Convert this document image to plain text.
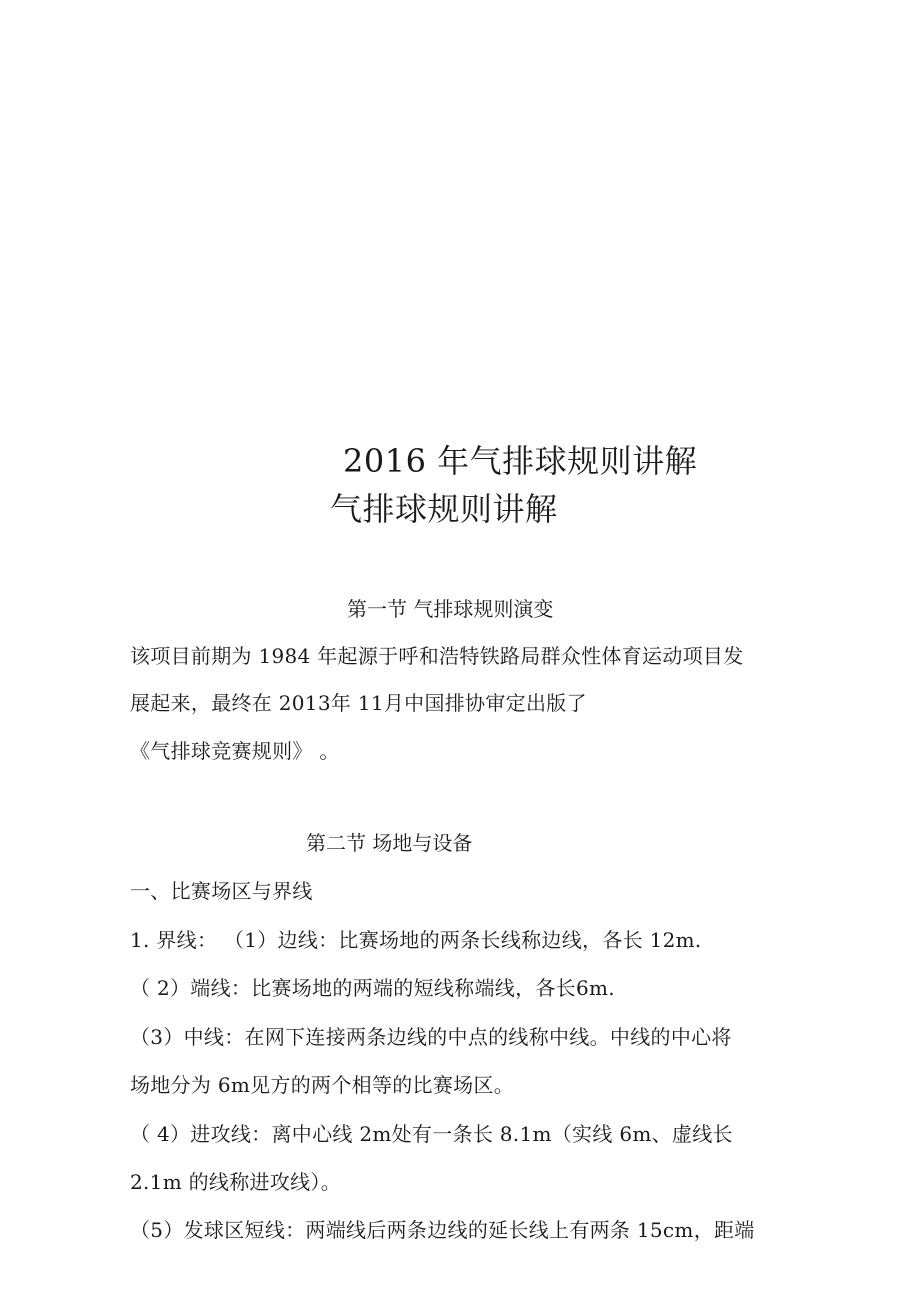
2016 年气排球规则讲解
气排球规则讲解
第一节 气排球规则演变
该项目前期为 1984 年起源于呼和浩特铁路局群众性体育运动项目发
展起来，最终在 2013年 11月中国排协审定出版了
《气排球竞赛规则》 。
第二节 场地与设备
一、比赛场区与界线
1. 界线： （1）边线：比赛场地的两条长线称边线，各长 12m.
（ 2）端线：比赛场地的两端的短线称端线，各长6m.
（3）中线：在网下连接两条边线的中点的线称中线。中线的中心将
场地分为 6m见方的两个相等的比赛场区。
（ 4）进攻线：离中心线 2m处有一条长 8.1m（实线 6m、虚线长
2.1m 的线称进攻线）。
（5）发球区短线：两端线后两条边线的延长线上有两条 15cm，距端
